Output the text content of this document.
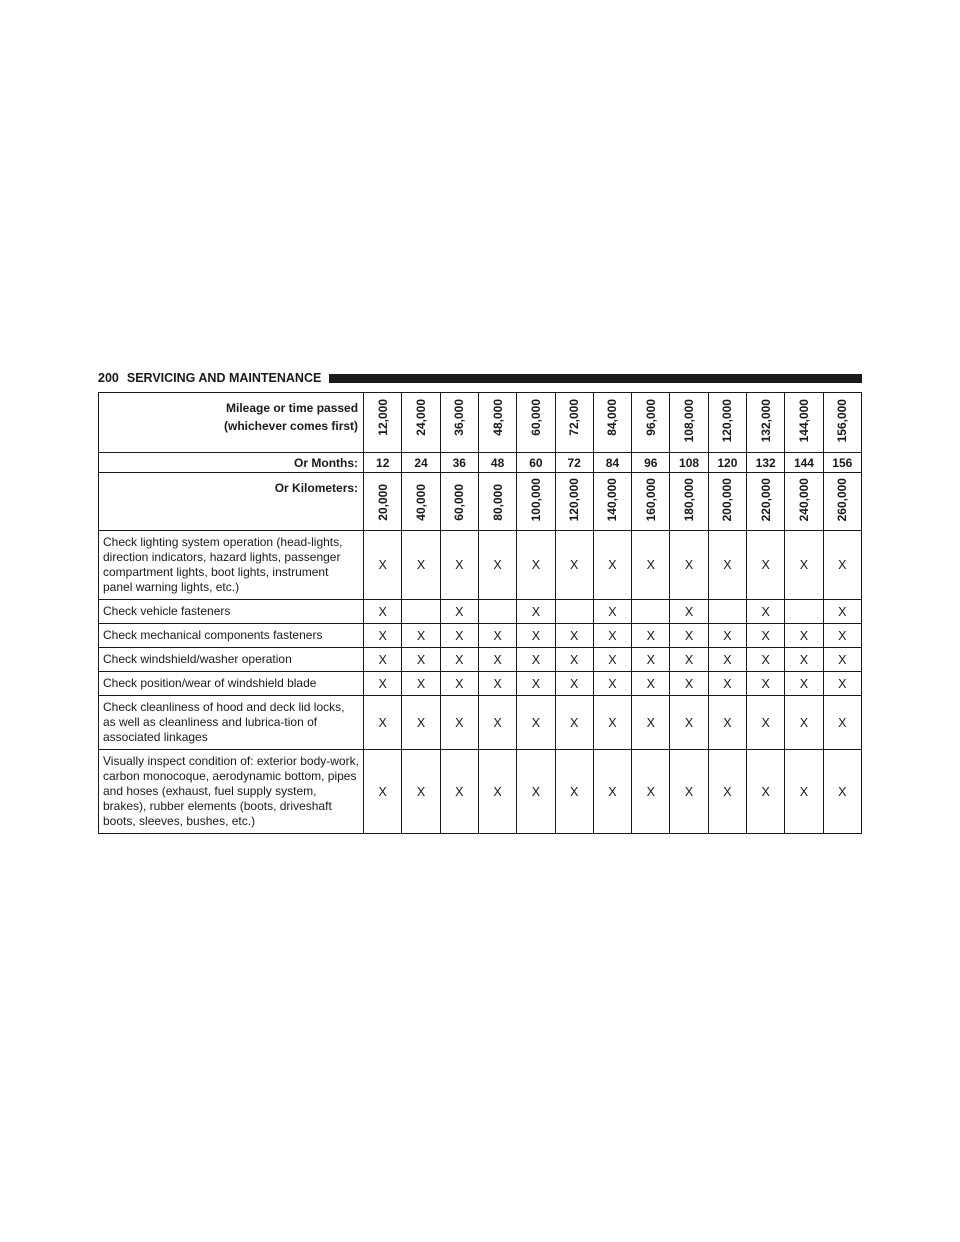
200 SERVICING AND MAINTENANCE
Mileage or time passed
(whichever comes first)	12,000	24,000	36,000	48,000	60,000	72,000	84,000	96,000	108,000	120,000	132,000	144,000	156,000
Or Months:	12	24	36	48	60	72	84	96	108	120	132	144	156

Or Kilometers:	20,000	40,000	60,000	80,000	100,000	120,000	140,000	160,000	180,000	200,000	220,000	240,000	260,000
Check lighting system operation (head-lights, direction indicators, hazard lights, passenger compartment lights, boot lights, instrument panel warning lights, etc.)	X	X	X	X	X	X	X	X	X	X	X	X	X
Check vehicle fasteners	X		X		X		X		X		X		X
Check mechanical components fasteners	X	X	X	X	X	X	X	X	X	X	X	X	X
Check windshield/washer operation	X	X	X	X	X	X	X	X	X	X	X	X	X
Check position/wear of windshield blade	X	X	X	X	X	X	X	X	X	X	X	X	X
Check cleanliness of hood and deck lid locks, as well as cleanliness and lubrica-tion of associated linkages	X	X	X	X	X	X	X	X	X	X	X	X	X
Visually inspect condition of: exterior body-work, carbon monocoque, aerodynamic bottom, pipes and hoses (exhaust, fuel supply system, brakes), rubber elements (boots, driveshaft boots, sleeves, bushes, etc.)	X	X	X	X	X	X	X	X	X	X	X	X	X
